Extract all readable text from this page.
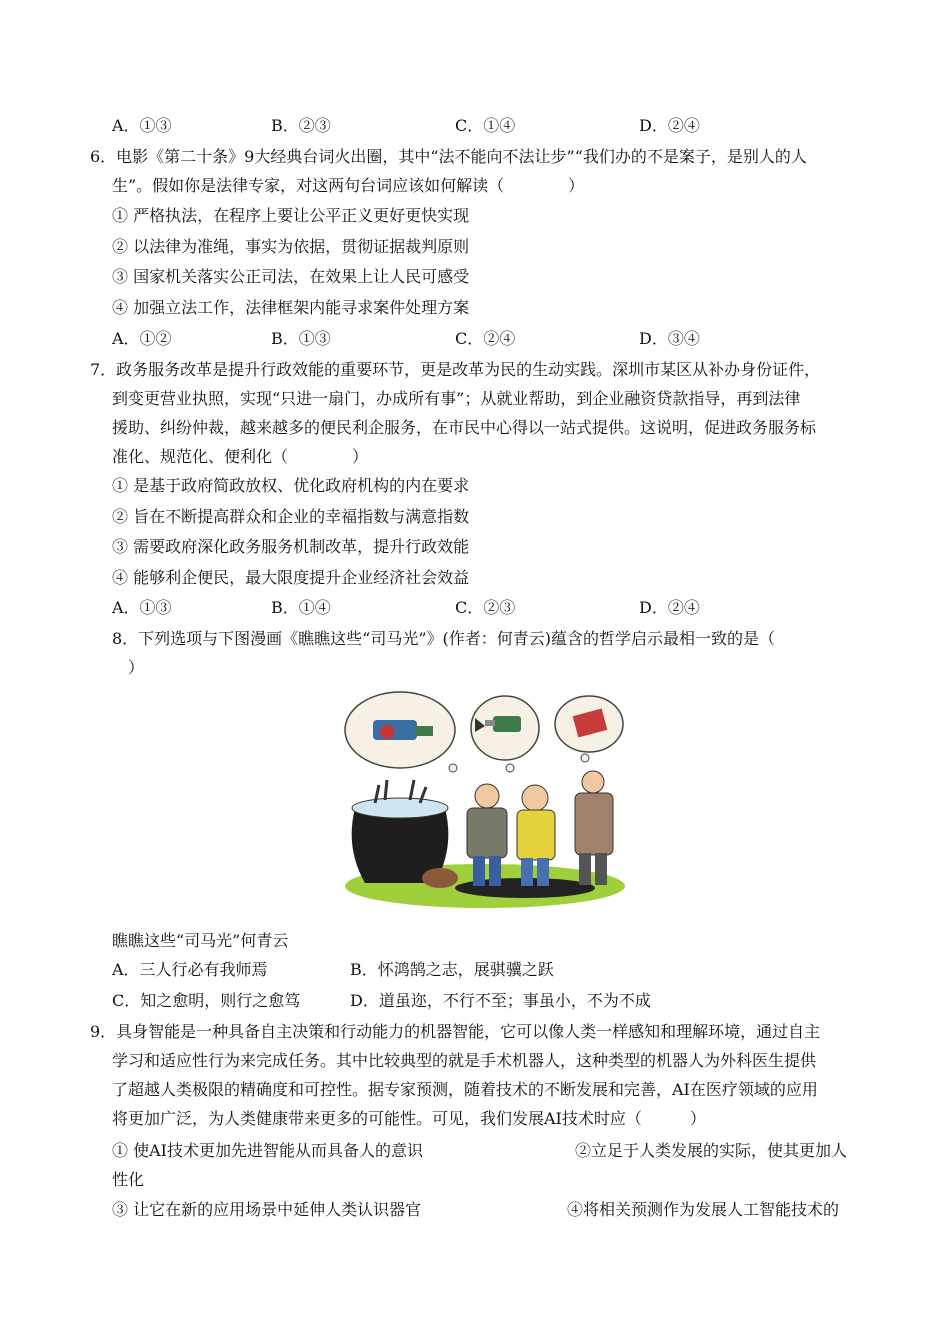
A．①③	B．②③	C．①④	D．②④
6．电影《第二十条》9大经典台词火出圈，其中“法不能向不法让步”“我们办的不是案子，是别人的人
生”。假如你是法律专家，对这两句台词应该如何解读（　　　　）
① 严格执法，在程序上要让公平正义更好更快实现
② 以法律为准绳，事实为依据，贯彻证据裁判原则
③ 国家机关落实公正司法，在效果上让人民可感受
④ 加强立法工作，法律框架内能寻求案件处理方案
A．①②	B．①③	C．②④	D．③④
7．政务服务改革是提升行政效能的重要环节，更是改革为民的生动实践。深圳市某区从补办身份证件，
到变更营业执照，实现“只进一扇门，办成所有事”；从就业帮助，到企业融资贷款指导，再到法律
援助、纠纷仲裁，越来越多的便民利企服务，在市民中心得以一站式提供。这说明，促进政务服务标
准化、规范化、便利化（　　　　）
① 是基于政府简政放权、优化政府机构的内在要求
② 旨在不断提高群众和企业的幸福指数与满意指数
③ 需要政府深化政务服务机制改革，提升行政效能
④ 能够利企便民，最大限度提升企业经济社会效益
A．①③	B．①④	C．②③	D．②④
8．下列选项与下图漫画《瞧瞧这些“司马光”》(作者：何青云)蕴含的哲学启示最相一致的是（
）
瞧瞧这些“司马光”何青云
A．三人行必有我师焉	B．怀鸿鹄之志，展骐骥之跃
C．知之愈明，则行之愈笃	D．道虽迩，不行不至；事虽小，不为不成
9．具身智能是一种具备自主决策和行动能力的机器智能，它可以像人类一样感知和理解环境，通过自主
学习和适应性行为来完成任务。其中比较典型的就是手术机器人，这种类型的机器人为外科医生提供
了超越人类极限的精确度和可控性。据专家预测，随着技术的不断发展和完善，AI在医疗领域的应用
将更加广泛，为人类健康带来更多的可能性。可见，我们发展AI技术时应（　　　）
① 使AI技术更加先进智能从而具备人的意识	②立足于人类发展的实际，使其更加人
性化
③ 让它在新的应用场景中延伸人类认识器官	④将相关预测作为发展人工智能技术的
